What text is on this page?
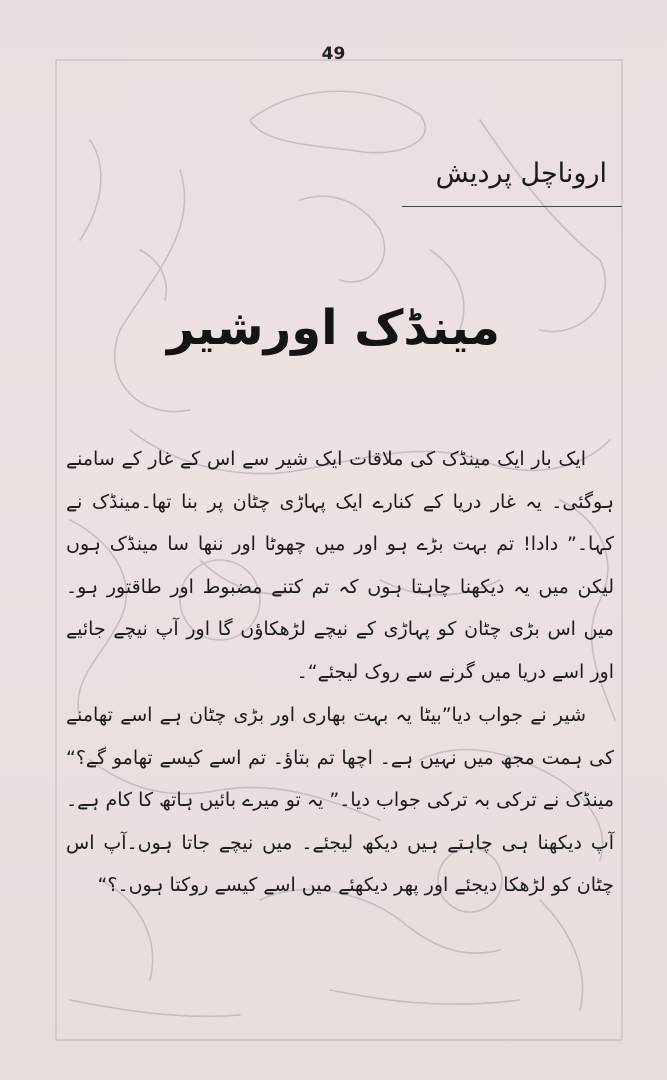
49
اروناچل پردیش
مینڈک اورشیر

ایک بار ایک مینڈک کی ملاقات ایک شیر سے اس کے غار کے سامنے ہوگئی۔ یہ غار دریا کے کنارے ایک پہاڑی چٹان پر بنا تھا۔مینڈک نے کہا۔” دادا! تم بہت بڑے ہو اور میں چھوٹا اور ننھا سا مینڈک ہوں لیکن میں یہ دیکھنا چاہتا ہوں کہ تم کتنے مضبوط اور طاقتور ہو۔ میں اس بڑی چٹان کو پہاڑی کے نیچے لڑھکاؤں گا اور آپ نیچے جائیے اور اسے دریا میں گرنے سے روک لیجئے“۔

شیر نے جواب دیا”بیٹا یہ بہت بھاری اور بڑی چٹان ہے اسے تھامنے کی ہمت مجھ میں نہیں ہے۔ اچھا تم بتاؤ۔ تم اسے کیسے تھامو گے؟“ مینڈک نے ترکی بہ ترکی جواب دیا۔” یہ تو میرے بائیں ہاتھ کا کام ہے۔آپ دیکھنا ہی چاہتے ہیں دیکھ لیجئے۔ میں نیچے جاتا ہوں۔آپ اس چٹان کو لڑھکا دیجئے اور پھر دیکھئے میں اسے کیسے روکتا ہوں۔؟“
